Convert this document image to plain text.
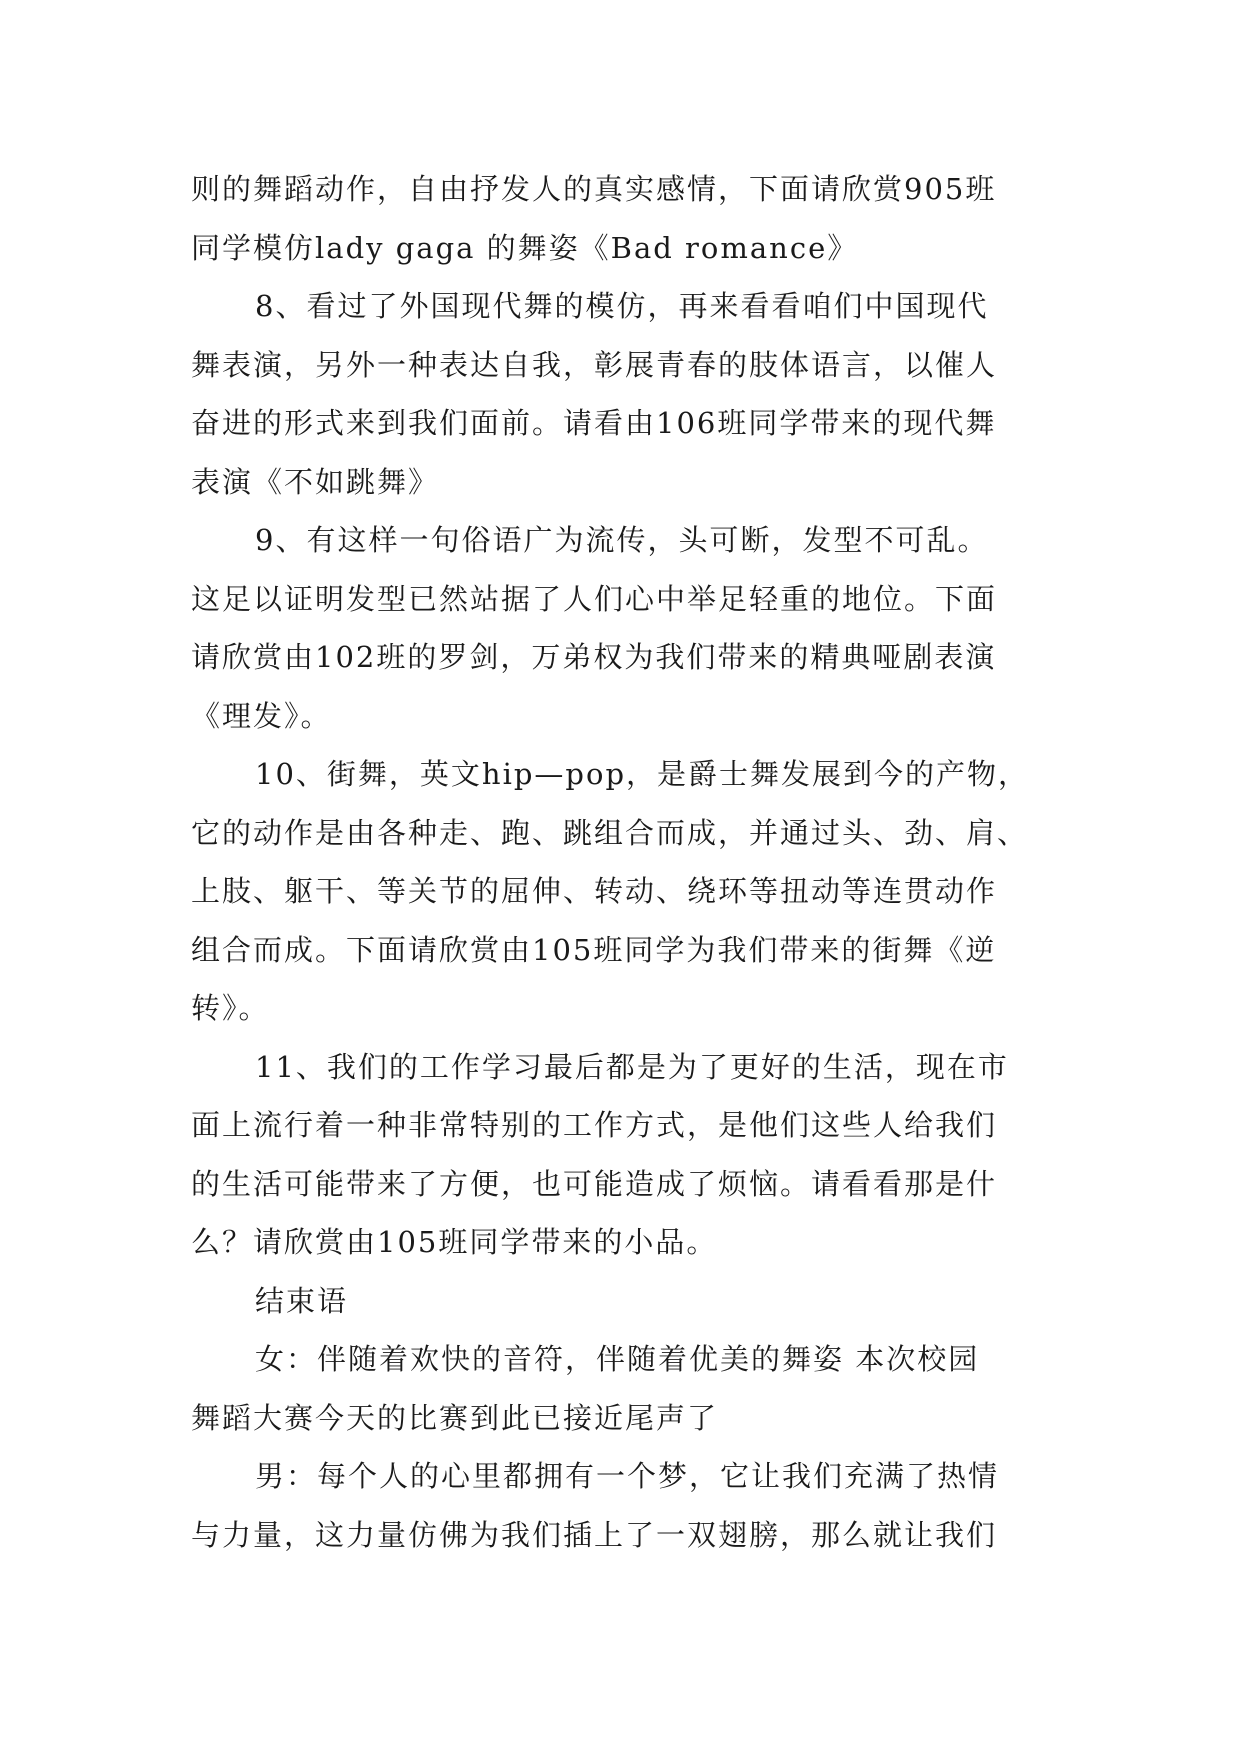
则的舞蹈动作，自由抒发人的真实感情，下面请欣赏905班
同学模仿lady gaga 的舞姿《Bad romance》
8、看过了外国现代舞的模仿，再来看看咱们中国现代
舞表演，另外一种表达自我，彰展青春的肢体语言，以催人
奋进的形式来到我们面前。请看由106班同学带来的现代舞
表演《不如跳舞》
9、有这样一句俗语广为流传，头可断，发型不可乱。
这足以证明发型已然站据了人们心中举足轻重的地位。下面
请欣赏由102班的罗剑，万弟权为我们带来的精典哑剧表演
《理发》。
10、街舞，英文hip—pop，是爵士舞发展到今的产物，
它的动作是由各种走、跑、跳组合而成，并通过头、劲、肩、
上肢、躯干、等关节的屈伸、转动、绕环等扭动等连贯动作
组合而成。下面请欣赏由105班同学为我们带来的街舞《逆
转》。
11、我们的工作学习最后都是为了更好的生活，现在市
面上流行着一种非常特别的工作方式，是他们这些人给我们
的生活可能带来了方便，也可能造成了烦恼。请看看那是什
么？请欣赏由105班同学带来的小品。
结束语
女：伴随着欢快的音符，伴随着优美的舞姿 本次校园
舞蹈大赛今天的比赛到此已接近尾声了
男：每个人的心里都拥有一个梦，它让我们充满了热情
与力量，这力量仿佛为我们插上了一双翅膀，那么就让我们
